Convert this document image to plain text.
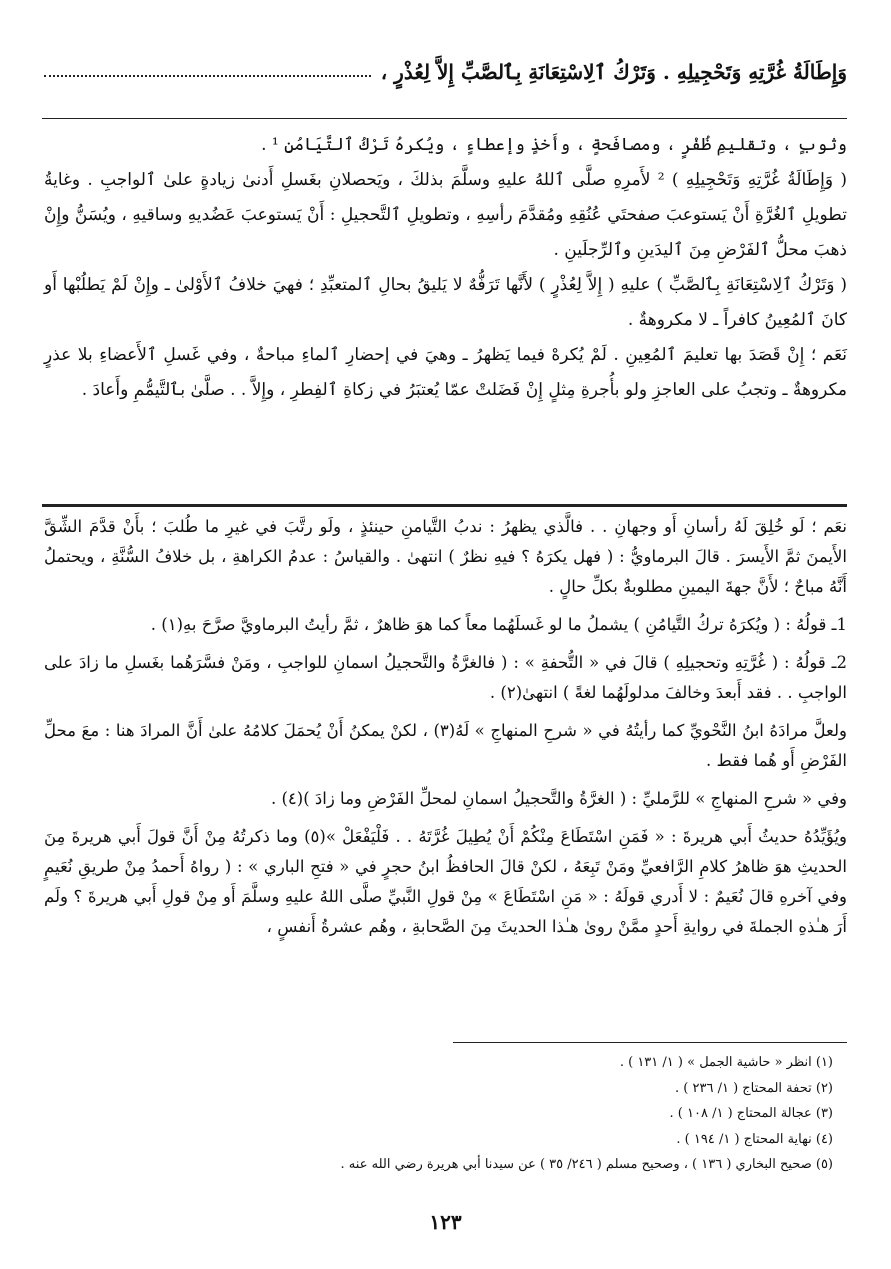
وَإِطَالَةُ غُرَّتِهِ وَتَحْجِيلِهِ . وَتَرْكُ ٱلِاسْتِعَانَةِ بِٱلصَّبِّ إِلاَّ لِعُذْرٍ ،

وثوبٍ ، وتقليمِ ظُفْرٍ ، ومصافَحةٍ ، وأَخذٍ وإعطاءٍ ، ويُكرهُ تَرْكُ ٱلتَّيَامُنِ ¹ .

( وَإِطَالَةُ غُرَّتِهِ وَتَحْجِيلِهِ ) ² لأَمرِهِ صلَّى ٱللهُ عليهِ وسلَّمَ بذلكَ ، ويَحصلانِ بغَسلِ أَدنىٰ زيادةٍ علىٰ ٱلواجبِ . وغايةُ تطويلِ ٱلغُرَّةِ أَنْ يَستوعبَ صفحتَي عُنُقِهِ ومُقدَّمَ رأسِهِ ، وتطويلِ ٱلتَّحجيلِ : أَنْ يَستوعبَ عَضُديهِ وساقيهِ ، ويُسَنُّ وإِنْ ذهبَ محلُّ ٱلفَرْضِ مِنَ ٱليدَينِ وٱلرِّجلَينِ .

( وَتَرْكُ ٱلِاسْتِعَانَةِ بِٱلصَّبِّ ) عليهِ ( إِلاَّ لِعُذْرٍ ) لأَنَّها تَرَفُّهٌ لا يَليقُ بحالِ ٱلمتعبِّدِ ؛ فهيَ خلافُ ٱلأَوْلىٰ ـ وإِنْ لَمْ يَطلُبْها أَو كانَ ٱلمُعِينُ كافراً ـ لا مكروهةٌ .

نَعَم ؛ إِنْ قَصَدَ بها تعليمَ ٱلمُعِينِ . لَمْ يُكرهْ فيما يَظهرُ ـ وهيَ في إحضارِ ٱلماءِ مباحةٌ ، وفي غَسلِ ٱلأَعضاءِ بلا عذرٍ مكروهةٌ ـ وتجبُ على العاجزِ ولو بأُجرةِ مِثلٍ إِنْ فَضَلتْ عمّا يُعتبَرُ في زكاةِ ٱلفِطرِ ، وإِلاَّ . . صلَّىٰ بٱلتَّيمُّمِ وأَعادَ .

نعَم ؛ لَو خُلِقَ لَهُ رأسانِ أَو وجهانِ . . فالَّذي يظهرُ : ندبُ التَّيامنِ حينئذٍ ، ولَو رتَّبَ في غيرِ ما طُلبَ ؛ بأَنْ قدَّمَ الشِّقَّ الأَيمنَ ثمَّ الأَيسرَ . قالَ البرماويُّ : ( فهل يكرَهُ ؟ فيهِ نظرٌ ) انتهىٰ . والقياسُ : عدمُ الكراهةِ ، بل خلافُ السُّنَّةِ ، ويحتملُ أَنَّهُ مباحٌ ؛ لأَنَّ جهةَ اليمينِ مطلوبةٌ بكلِّ حالٍ .

1ـ قولُهُ : ( ويُكرَهُ تركُ التَّيامُنِ ) يشملُ ما لو غَسلَهُما معاً كما هوَ ظاهرٌ ، ثمَّ رأيتُ البرماويَّ صرَّحَ بهِ(١) .

2ـ قولُهُ : ( غُرَّتِهِ وتحجيلِهِ ) قالَ في « التُّحفةِ » : ( فالغرَّةُ والتَّحجيلُ اسمانِ للواجبِ ، ومَنْ فسَّرَهُما بغَسلِ ما زادَ على الواجبِ . . فقد أَبعدَ وخالفَ مدلولَهُما لغةً ) انتهىٰ(٢) .

ولعلَّ مرادَهُ ابنُ النَّحْويِّ كما رأيتُهُ في « شرحِ المنهاجِ » لَهُ(٣) ، لكنْ يمكنُ أَنْ يُحمَلَ كلامُهُ علىٰ أَنَّ المرادَ هنا : معَ محلِّ الفَرْضِ أَو هُما فقط .

وفي « شرحِ المنهاجِ » للرَّمليِّ : ( الغرَّةُ والتَّحجيلُ اسمانِ لمحلِّ الفَرْضِ وما زادَ )(٤) .

ويُؤَيِّدُهُ حديثُ أَبي هريرةَ : « فَمَنِ اسْتَطَاعَ مِنْكُمْ أَنْ يُطِيلَ غُرَّتَهُ . . فَلْيَفْعَلْ »(٥) وما ذكرتُهُ مِنْ أَنَّ قولَ أَبي هريرةَ مِنَ الحديثِ هوَ ظاهرُ كلامِ الرَّافعيِّ ومَنْ تَبِعَهُ ، لكنْ قالَ الحافظُ ابنُ حجرٍ في « فتحِ الباري » : ( رواهُ أَحمدُ مِنْ طريقِ نُعَيمٍ وفي آخرهِ قالَ نُعَيمٌ : لا أَدري قولَهُ : « مَنِ اسْتَطَاعَ » مِنْ قولِ النَّبيِّ صلَّى اللهُ عليهِ وسلَّمَ أَو مِنْ قولِ أَبي هريرةَ ؟ ولَم أَرَ هـٰذهِ الجملةَ في روايةِ أَحدٍ ممَّنْ روىٰ هـٰذا الحديثَ مِنَ الصَّحابةِ ، وهُم عشرةُ أَنفسٍ ،

(١) انظر « حاشية الجمل » ( ١/ ١٣١ ) .
(٢) تحفة المحتاج ( ١/ ٢٣٦ ) .
(٣) عجالة المحتاج ( ١/ ١٠٨ ) .
(٤) نهاية المحتاج ( ١/ ١٩٤ ) .
(٥) صحيح البخاري ( ١٣٦ ) ، وصحيح مسلم ( ٢٤٦/ ٣٥ ) عن سيدنا أبي هريرة رضي الله عنه .
١٢٣
